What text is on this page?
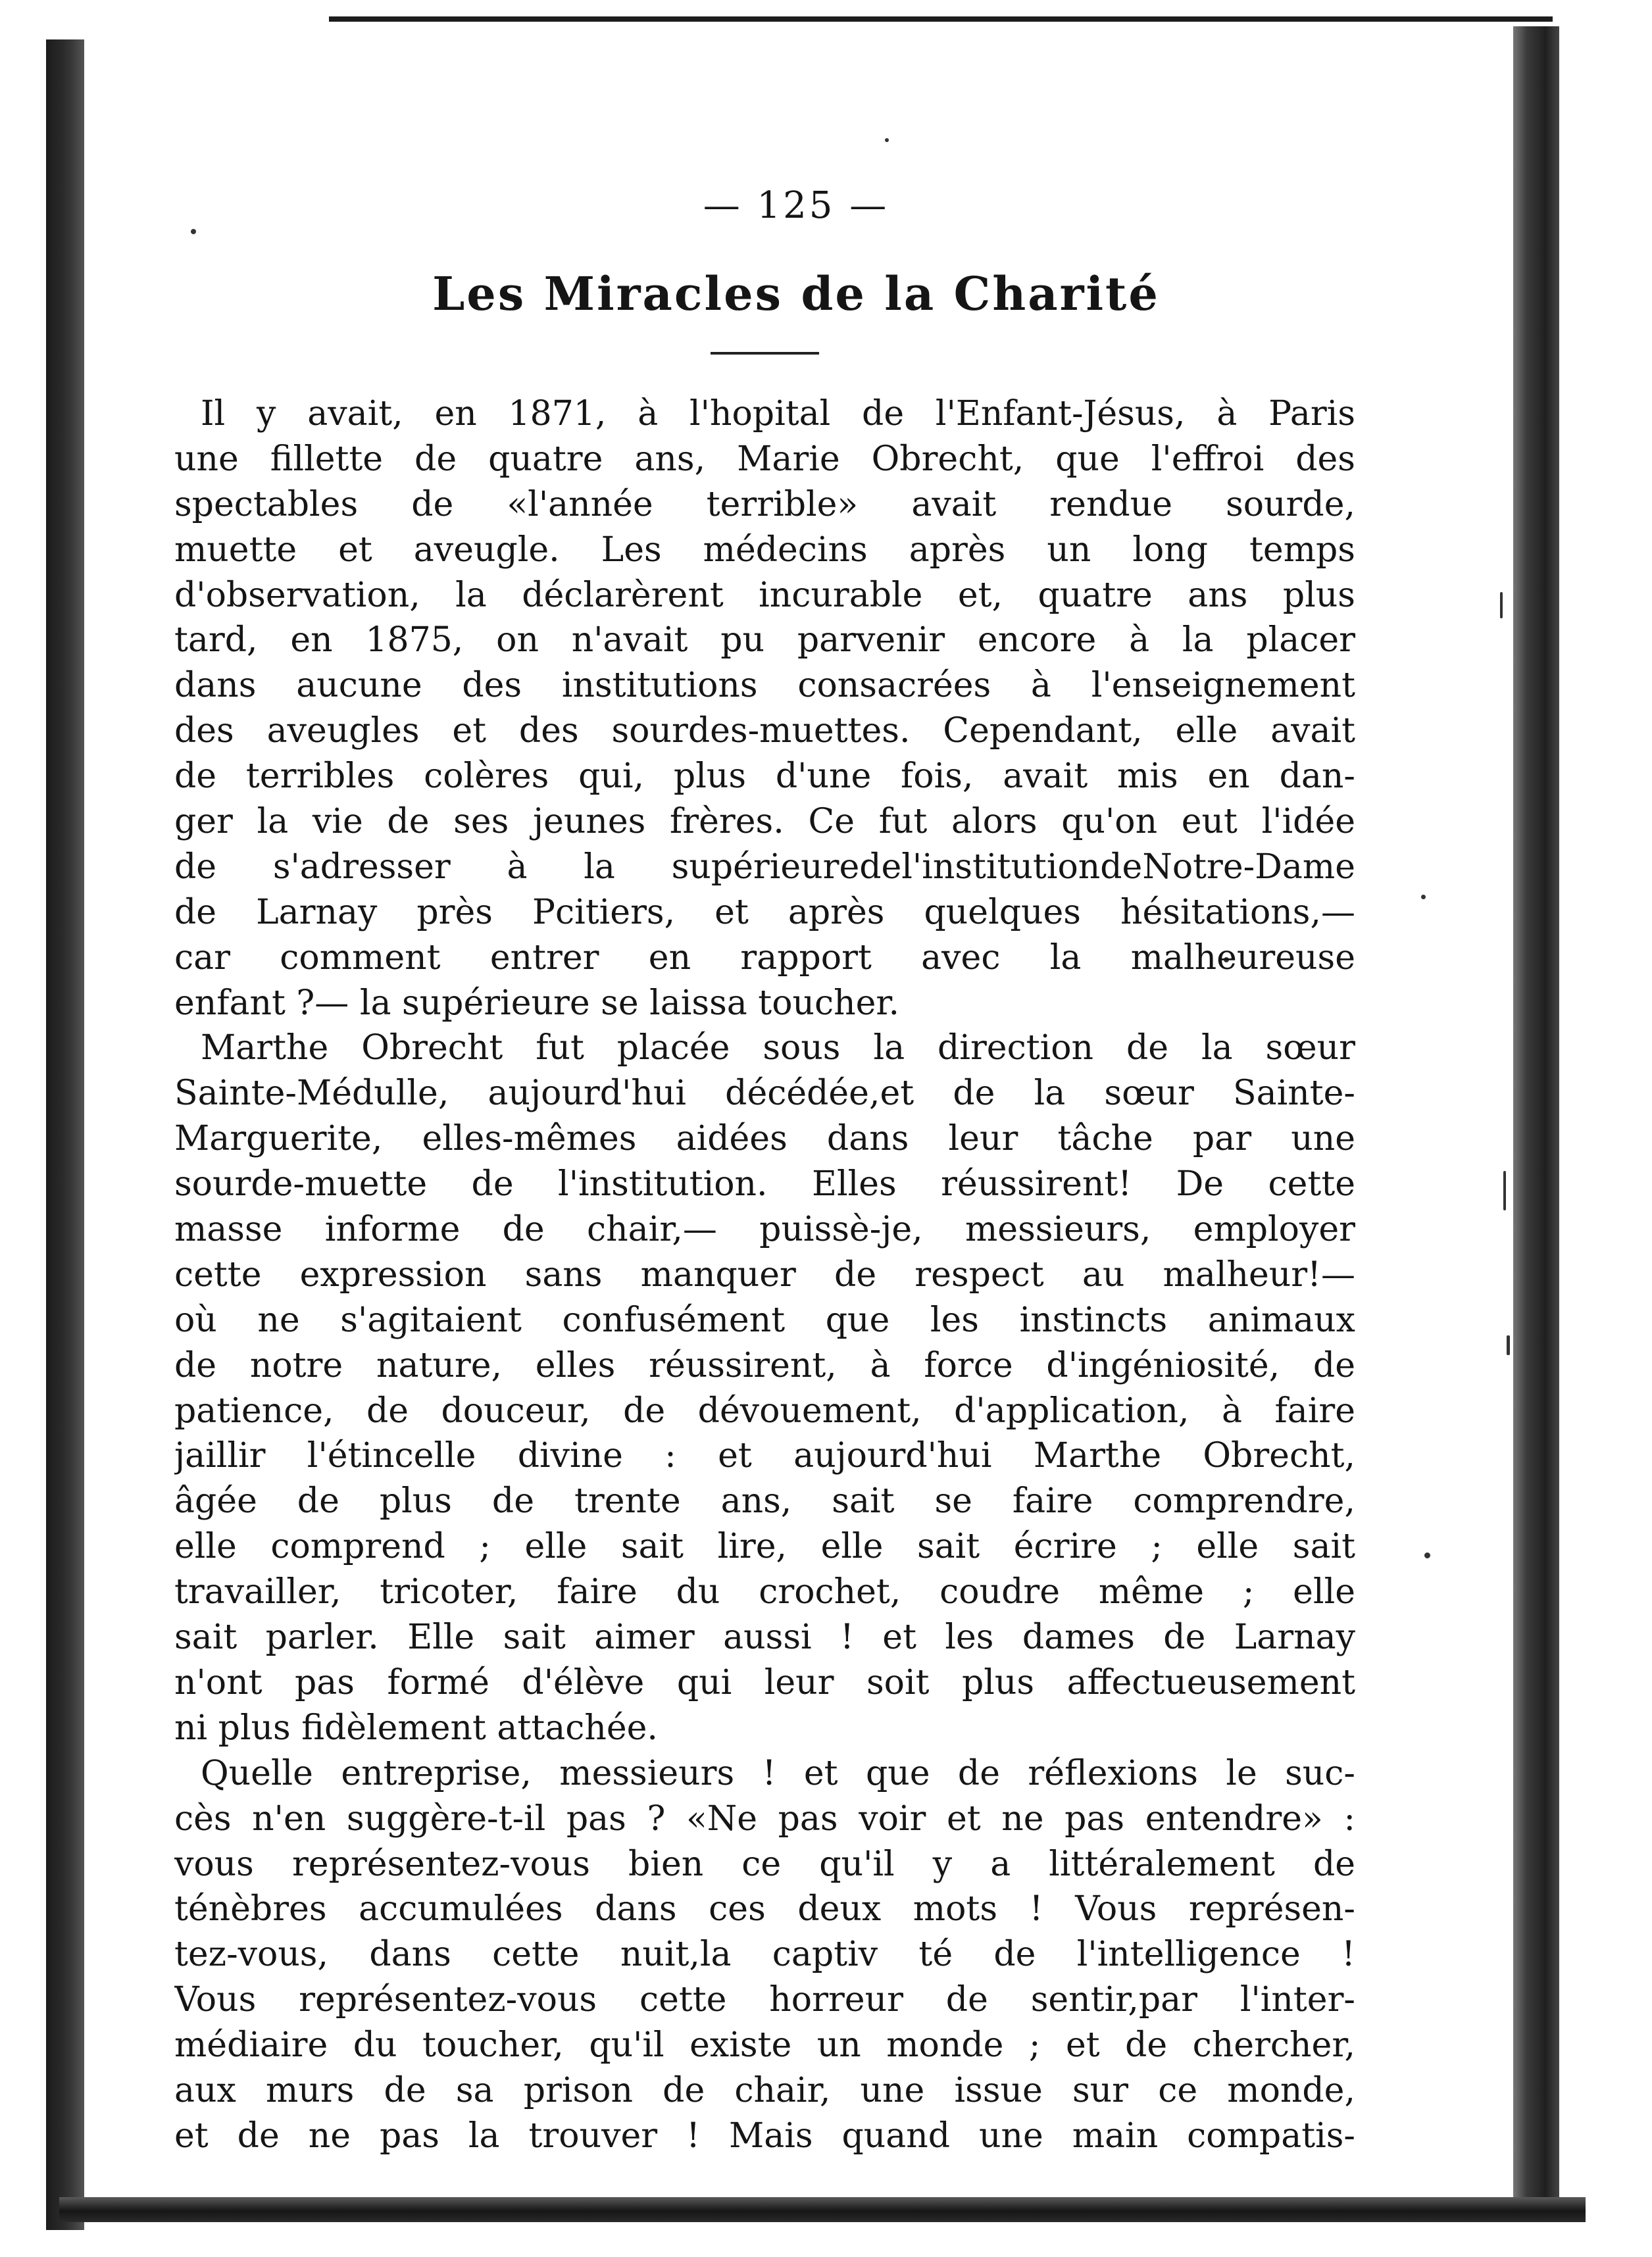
— 125 —
Les Miracles de la Charité
Il y avait, en 1871, à l'hopital de l'Enfant-Jésus, à Paris
une fillette de quatre ans, Marie Obrecht, que l'effroi des
spectables de «l'année terrible» avait rendue sourde,
muette et aveugle. Les médecins après un long temps
d'observation, la déclarèrent incurable et, quatre ans plus
tard, en 1875, on n'avait pu parvenir encore à la placer
dans aucune des institutions consacrées à l'enseignement
des aveugles et des sourdes-muettes. Cependant, elle avait
de terribles colères qui, plus d'une fois, avait mis en dan-
ger la vie de ses jeunes frères. Ce fut alors qu'on eut l'idée
de s'adresser à la supérieuredel'institutiondeNotre-Dame
de Larnay près Pcitiers, et après quelques hésitations,—
car comment entrer en rapport avec la malheureuse
enfant ?— la supérieure se laissa toucher.
Marthe Obrecht fut placée sous la direction de la sœur
Sainte-Médulle, aujourd'hui décédée,et de la sœur Sainte-
Marguerite, elles-mêmes aidées dans leur tâche par une
sourde-muette de l'institution. Elles réussirent! De cette
masse informe de chair,— puissè-je, messieurs, employer
cette expression sans manquer de respect au malheur!—
où ne s'agitaient confusément que les instincts animaux
de notre nature, elles réussirent, à force d'ingéniosité, de
patience, de douceur, de dévouement, d'application, à faire
jaillir l'étincelle divine : et aujourd'hui Marthe Obrecht,
âgée de plus de trente ans, sait se faire comprendre,
elle comprend ; elle sait lire, elle sait écrire ; elle sait
travailler, tricoter, faire du crochet, coudre même ; elle
sait parler. Elle sait aimer aussi ! et les dames de Larnay
n'ont pas formé d'élève qui leur soit plus affectueusement
ni plus fidèlement attachée.
Quelle entreprise, messieurs ! et que de réflexions le suc-
cès n'en suggère-t-il pas ? «Ne pas voir et ne pas entendre» :
vous représentez-vous bien ce qu'il y a littéralement de
ténèbres accumulées dans ces deux mots ! Vous représen-
tez-vous, dans cette nuit,la captiv té de l'intelligence !
Vous représentez-vous cette horreur de sentir,par l'inter-
médiaire du toucher, qu'il existe un monde ; et de chercher,
aux murs de sa prison de chair, une issue sur ce monde,
et de ne pas la trouver ! Mais quand une main compatis-
